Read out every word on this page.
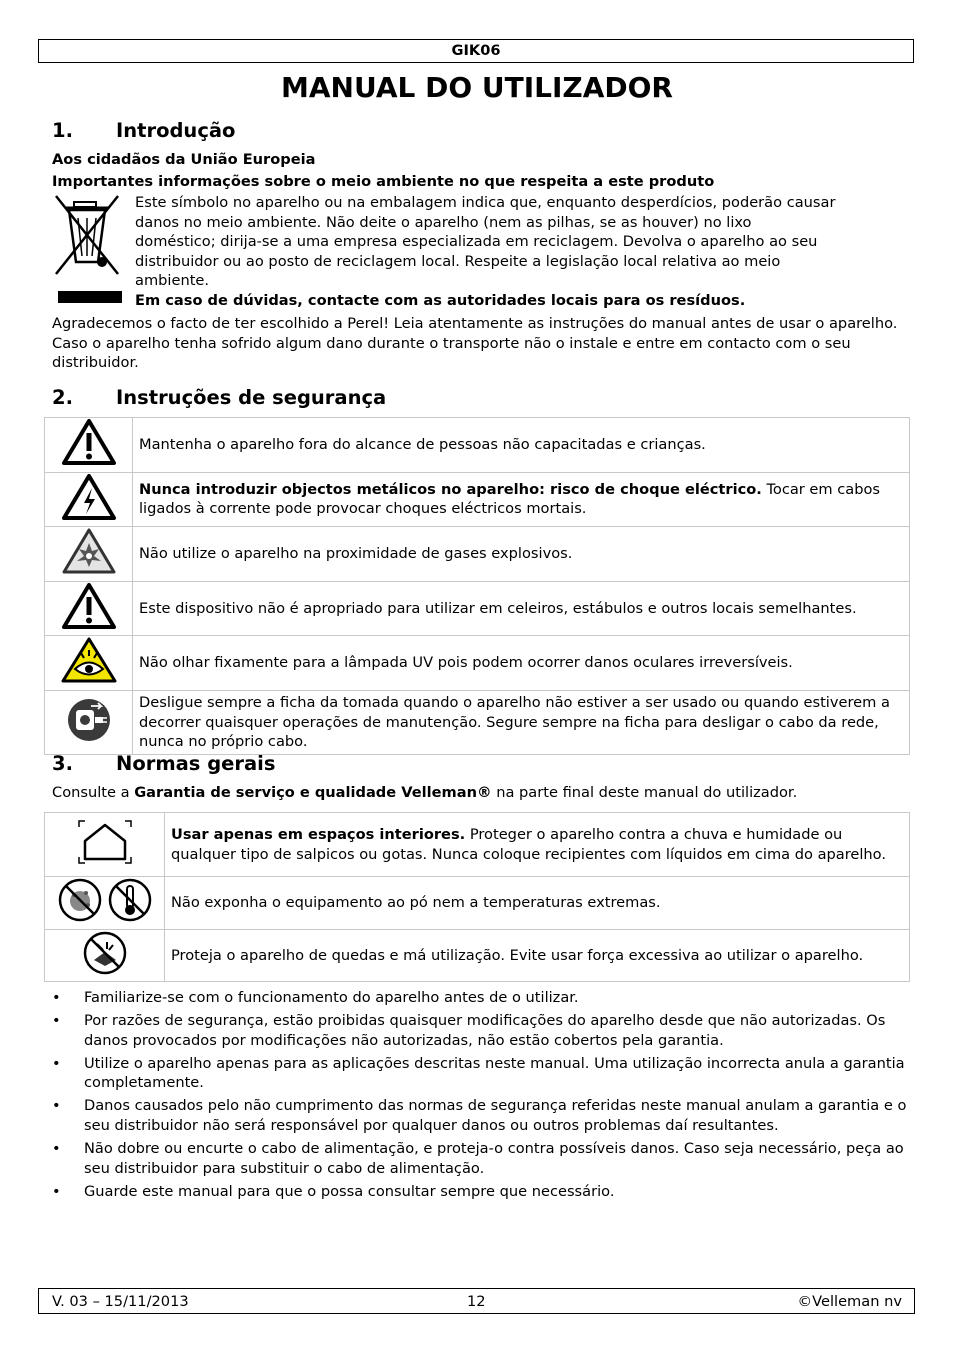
GIK06
MANUAL DO UTILIZADOR
1. Introdução
Aos cidadãos da União Europeia
Importantes informações sobre o meio ambiente no que respeita a este produto
Este símbolo no aparelho ou na embalagem indica que, enquanto desperdícios, poderão causar
danos no meio ambiente. Não deite o aparelho (nem as pilhas, se as houver) no lixo
doméstico; dirija-se a uma empresa especializada em reciclagem. Devolva o aparelho ao seu
distribuidor ou ao posto de reciclagem local. Respeite a legislação local relativa ao meio
ambiente.
Em caso de dúvidas, contacte com as autoridades locais para os resíduos.
Agradecemos o facto de ter escolhido a Perel! Leia atentamente as instruções do manual antes de usar o aparelho. Caso o aparelho tenha sofrido algum dano durante o transporte não o instale e entre em contacto com o seu distribuidor.
2. Instruções de segurança
	Mantenha o aparelho fora do alcance de pessoas não capacitadas e crianças.
	Nunca introduzir objectos metálicos no aparelho: risco de choque eléctrico. Tocar em cabos ligados à corrente pode provocar choques eléctricos mortais.
	Não utilize o aparelho na proximidade de gases explosivos.
	Este dispositivo não é apropriado para utilizar em celeiros, estábulos e outros locais semelhantes.
	Não olhar fixamente para a lâmpada UV pois podem ocorrer danos oculares irreversíveis.
	Desligue sempre a ficha da tomada quando o aparelho não estiver a ser usado ou quando estiverem a decorrer quaisquer operações de manutenção. Segure sempre na ficha para desligar o cabo da rede, nunca no próprio cabo.
3. Normas gerais
Consulte a Garantia de serviço e qualidade Velleman® na parte final deste manual do utilizador.
	Usar apenas em espaços interiores. Proteger o aparelho contra a chuva e humidade ou qualquer tipo de salpicos ou gotas. Nunca coloque recipientes com líquidos em cima do aparelho.
	Não exponha o equipamento ao pó nem a temperaturas extremas.
	Proteja o aparelho de quedas e má utilização. Evite usar força excessiva ao utilizar o aparelho.
• Familiarize-se com o funcionamento do aparelho antes de o utilizar.
• Por razões de segurança, estão proibidas quaisquer modificações do aparelho desde que não autorizadas. Os danos provocados por modificações não autorizadas, não estão cobertos pela garantia.
• Utilize o aparelho apenas para as aplicações descritas neste manual. Uma utilização incorrecta anula a garantia completamente.
• Danos causados pelo não cumprimento das normas de segurança referidas neste manual anulam a garantia e o seu distribuidor não será responsável por qualquer danos ou outros problemas daí resultantes.
• Não dobre ou encurte o cabo de alimentação, e proteja-o contra possíveis danos. Caso seja necessário, peça ao seu distribuidor para substituir o cabo de alimentação.
• Guarde este manual para que o possa consultar sempre que necessário.
V. 03 – 15/11/2013	12	©Velleman nv
